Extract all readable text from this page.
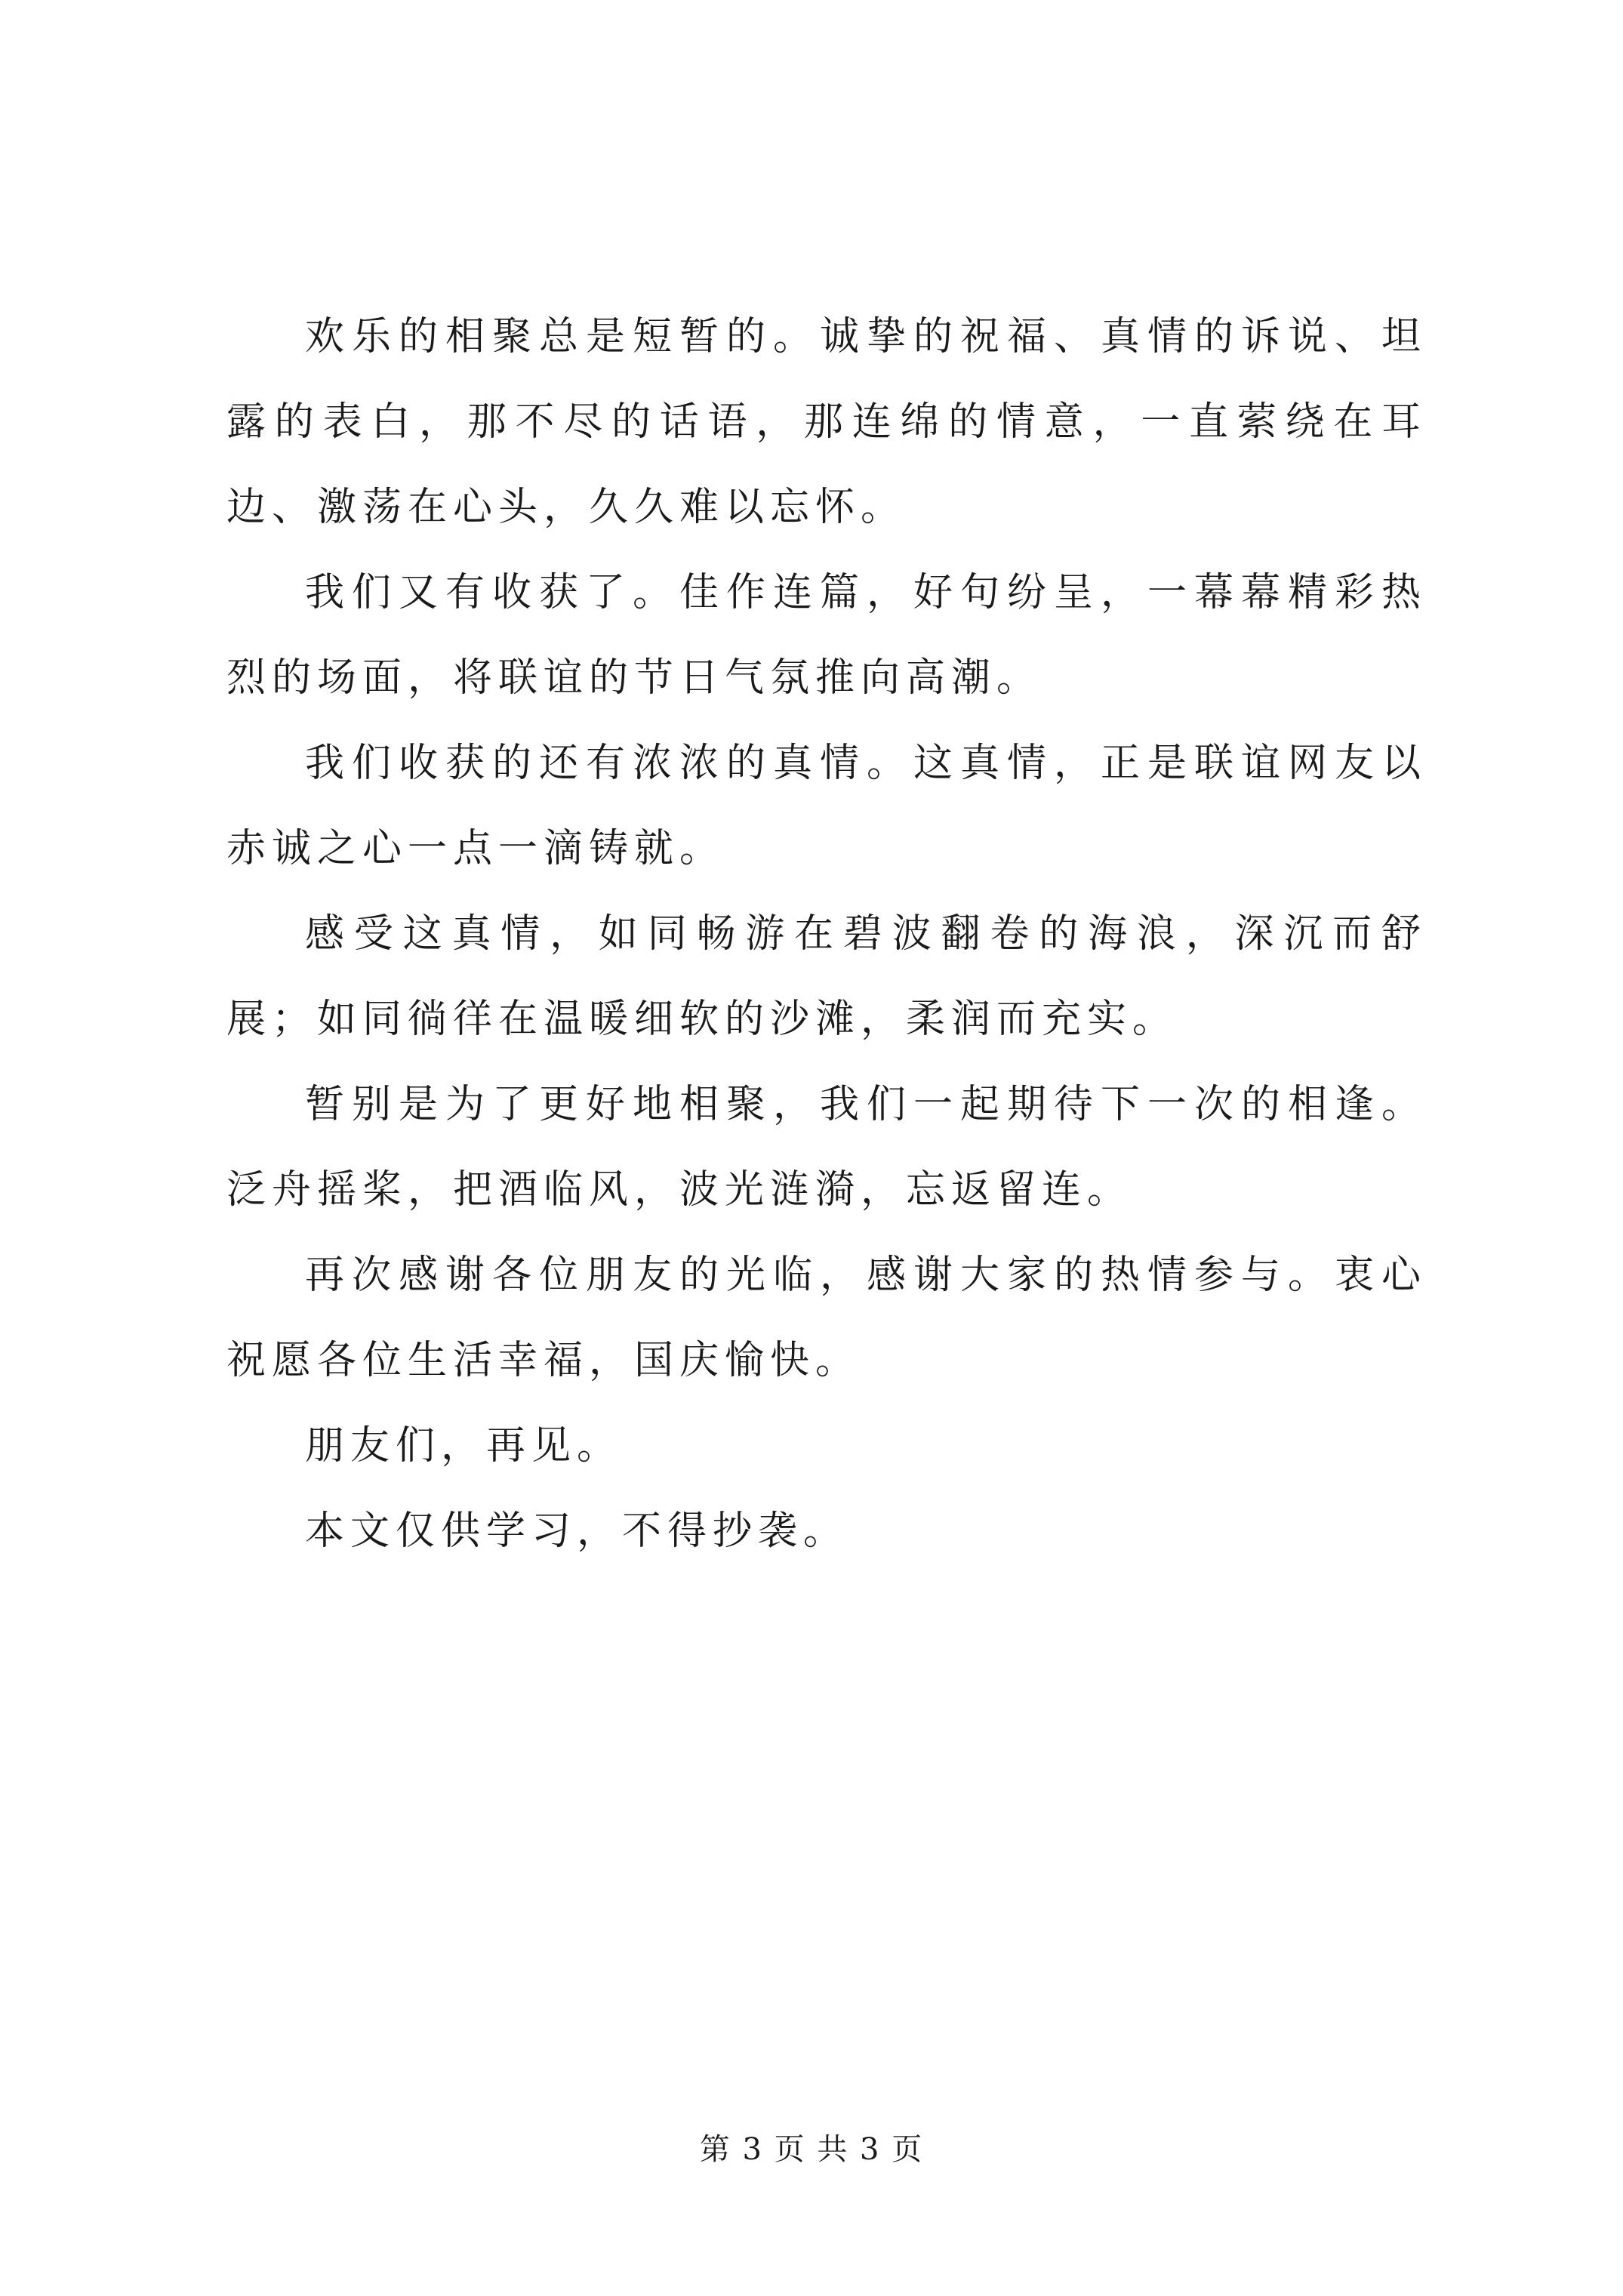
欢乐的相聚总是短暂的。诚挚的祝福、真情的诉说、坦露的表白，那不尽的话语，那连绵的情意，一直萦绕在耳边、激荡在心头，久久难以忘怀。

我们又有收获了。佳作连篇，好句纷呈，一幕幕精彩热烈的场面，将联谊的节日气氛推向高潮。

我们收获的还有浓浓的真情。这真情，正是联谊网友以赤诚之心一点一滴铸就。

感受这真情，如同畅游在碧波翻卷的海浪，深沉而舒展；如同徜徉在温暖细软的沙滩，柔润而充实。

暂别是为了更好地相聚，我们一起期待下一次的相逢。泛舟摇桨，把酒临风，波光涟漪，忘返留连。

再次感谢各位朋友的光临，感谢大家的热情参与。衷心祝愿各位生活幸福，国庆愉快。

朋友们，再见。

本文仅供学习，不得抄袭。

第 3 页 共 3 页
